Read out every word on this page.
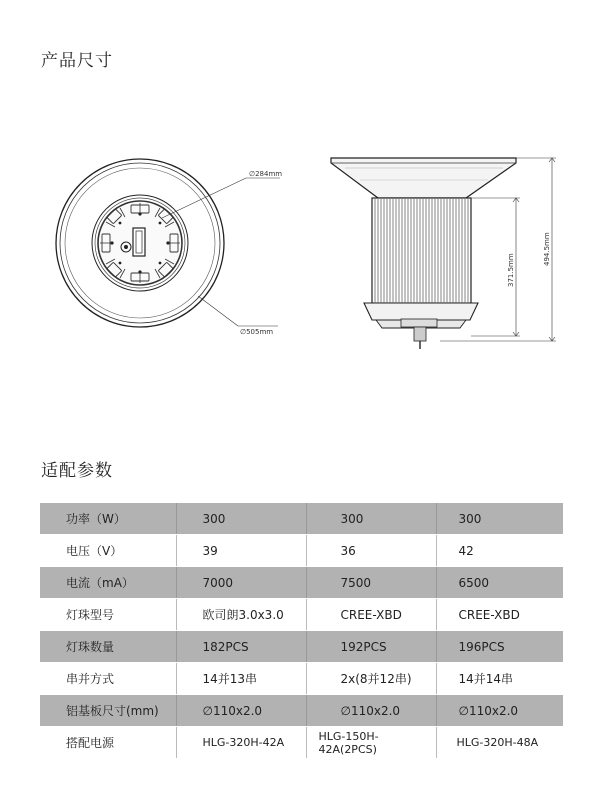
产品尺寸
∅284mm
∅505mm
371.5mm
494.5mm
适配参数
功率（W）	300	300	300
电压（V）	39	36	42
电流（mA）	7000	7500	6500
灯珠型号	欧司朗3.0x3.0	CREE-XBD	CREE-XBD
灯珠数量	182PCS	192PCS	196PCS
串并方式	14并13串	2x(8并12串)	14并14串
铝基板尺寸(mm)	∅110x2.0	∅110x2.0	∅110x2.0
搭配电源	HLG-320H-42A	HLG-150H-42A(2PCS)	HLG-320H-48A
